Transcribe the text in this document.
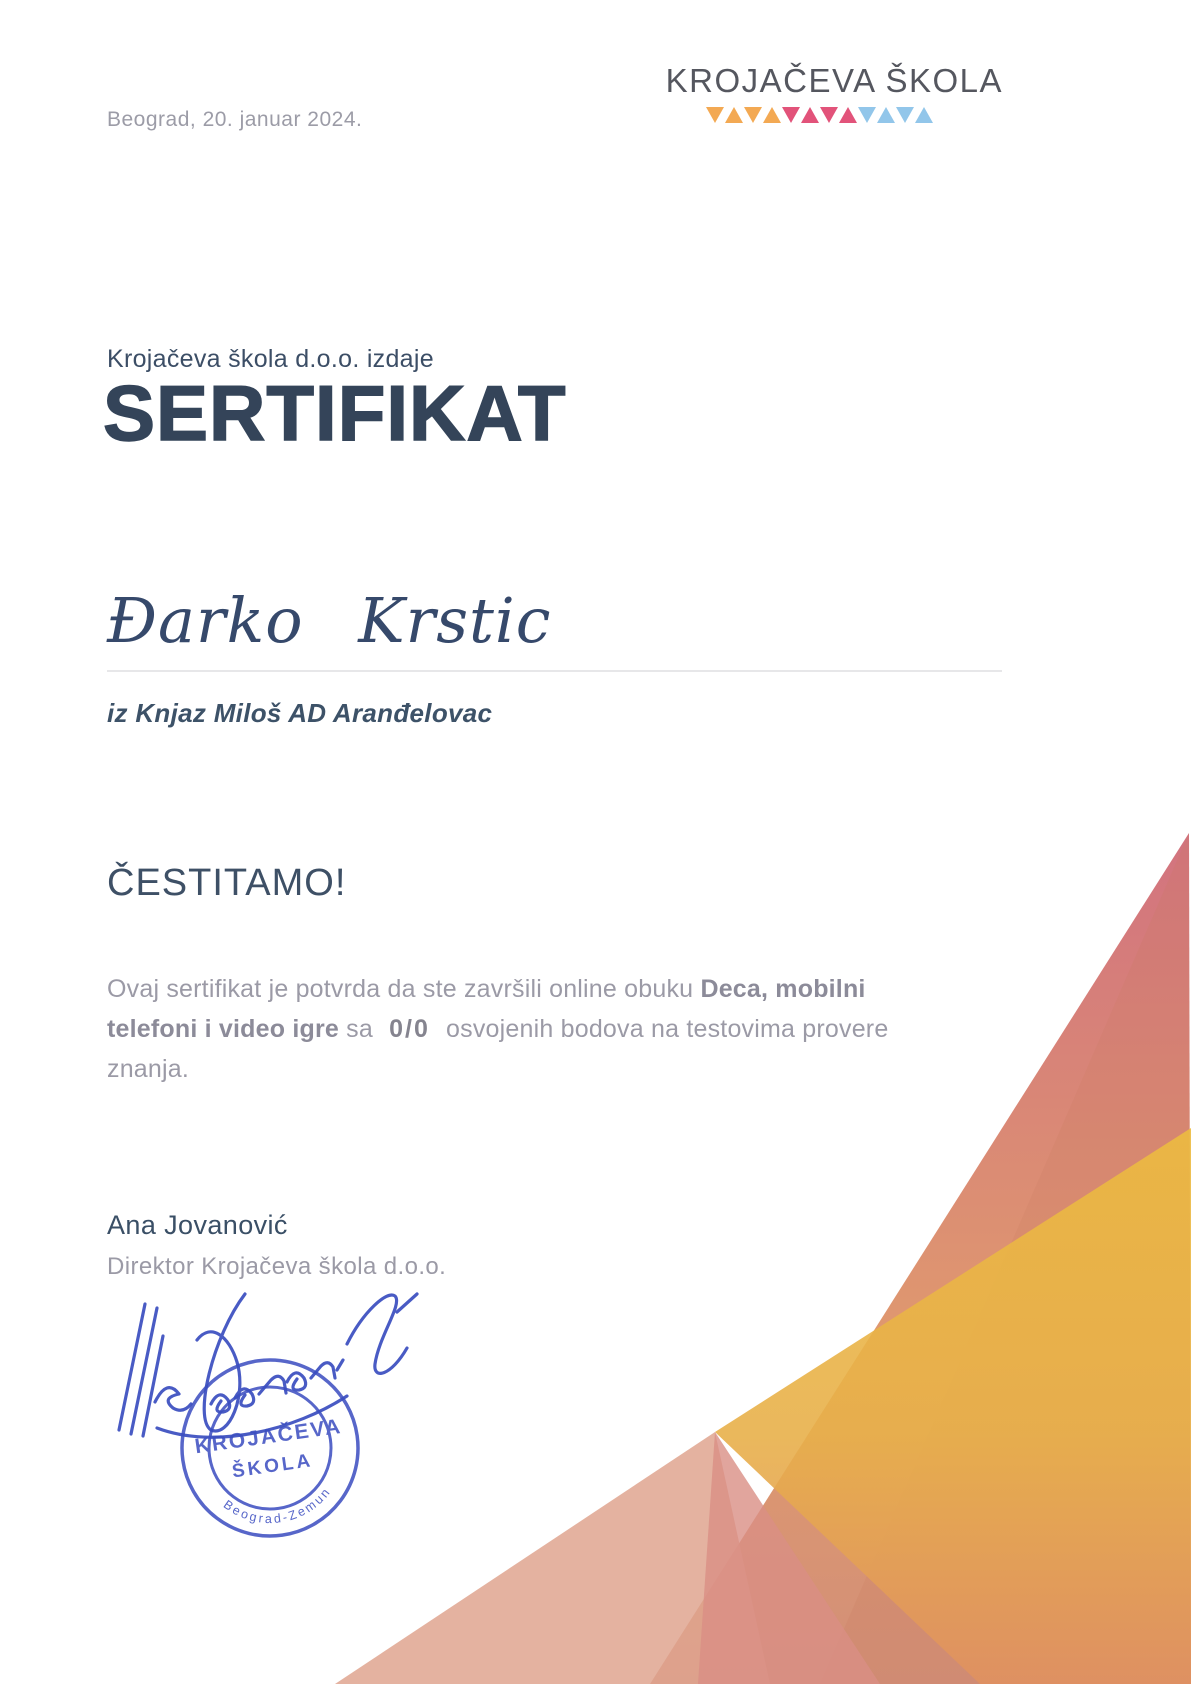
Beograd, 20. januar 2024.
KROJAČEVA ŠKOLA
Krojačeva škola d.o.o. izdaje
SERTIFIKAT
Đarko Krstic
iz Knjaz Miloš AD Aranđelovac
ČESTITAMO!

Ovaj sertifikat je potvrda da ste završili online obuku Deca, mobilni telefoni i video igre sa 0/0 osvojenih bodova na testovima provere znanja.

Ana Jovanović
Direktor Krojačeva škola d.o.o.
KROJAČEVA
ŠKOLA
Beograd-Zemun
